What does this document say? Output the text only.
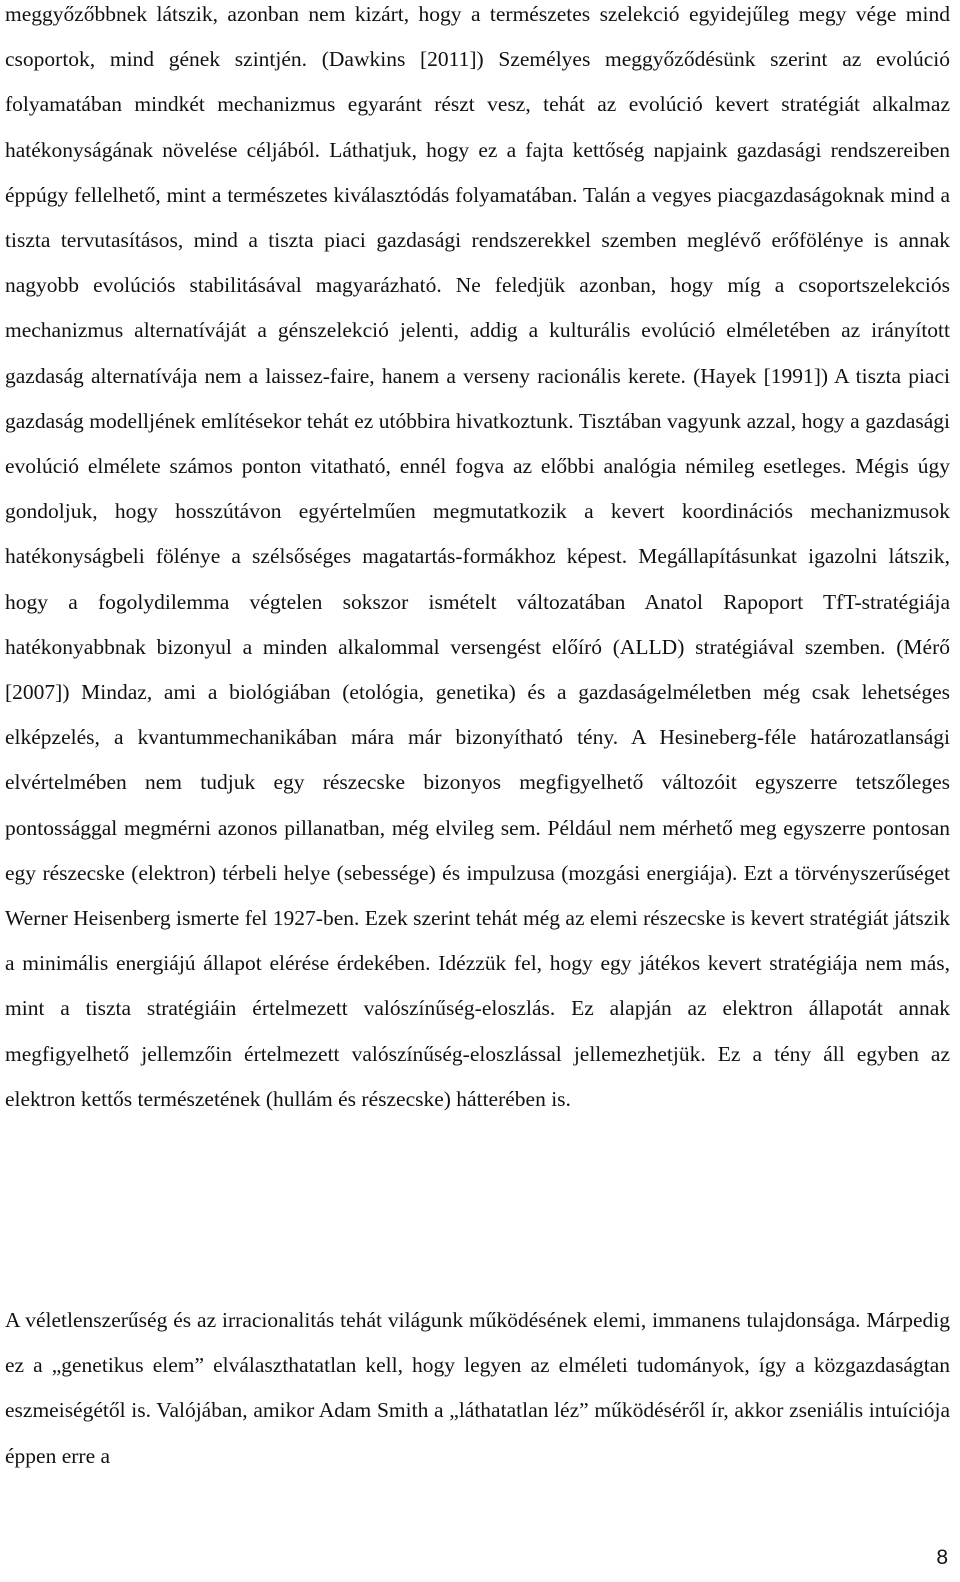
meggyőzőbbnek látszik, azonban nem kizárt, hogy a természetes szelekció egyidejűleg megy vége mind csoportok, mind gének szintjén. (Dawkins [2011]) Személyes meggyőződésünk szerint az evolúció folyamatában mindkét mechanizmus egyaránt részt vesz, tehát az evolúció kevert stratégiát alkalmaz hatékonyságának növelése céljából. Láthatjuk, hogy ez a fajta kettőség napjaink gazdasági rendszereiben éppúgy fellelhető, mint a természetes kiválasztódás folyamatában. Talán a vegyes piacgazdaságoknak mind a tiszta tervutasításos, mind a tiszta piaci gazdasági rendszerekkel szemben meglévő erőfölénye is annak nagyobb evolúciós stabilitásával magyarázható. Ne feledjük azonban, hogy míg a csoportszelekciós mechanizmus alternatíváját a génszelekció jelenti, addig a kulturális evolúció elméletében az irányított gazdaság alternatívája nem a laissez-faire, hanem a verseny racionális kerete. (Hayek [1991]) A tiszta piaci gazdaság modelljének említésekor tehát ez utóbbira hivatkoztunk. Tisztában vagyunk azzal, hogy a gazdasági evolúció elmélete számos ponton vitatható, ennél fogva az előbbi analógia némileg esetleges. Mégis úgy gondoljuk, hogy hosszútávon egyértelműen megmutatkozik a kevert koordinációs mechanizmusok hatékonyságbeli fölénye a szélsőséges magatartás-formákhoz képest. Megállapításunkat igazolni látszik, hogy a fogolydilemma végtelen sokszor ismételt változatában Anatol Rapoport TfT-stratégiája hatékonyabbnak bizonyul a minden alkalommal versengést előíró (ALLD) stratégiával szemben. (Mérő [2007]) Mindaz, ami a biológiában (etológia, genetika) és a gazdaságelméletben még csak lehetséges elképzelés, a kvantummechanikában mára már bizonyítható tény. A Hesineberg-féle határozatlansági elvértelmében nem tudjuk egy részecske bizonyos megfigyelhető változóit egyszerre tetszőleges pontossággal megmérni azonos pillanatban, még elvileg sem. Például nem mérhető meg egyszerre pontosan egy részecske (elektron) térbeli helye (sebessége) és impulzusa (mozgási energiája). Ezt a törvényszerűséget Werner Heisenberg ismerte fel 1927-ben. Ezek szerint tehát még az elemi részecske is kevert stratégiát játszik a minimális energiájú állapot elérése érdekében. Idézzük fel, hogy egy játékos kevert stratégiája nem más, mint a tiszta stratégiáin értelmezett valószínűség-eloszlás. Ez alapján az elektron állapotát annak megfigyelhető jellemzőin értelmezett valószínűség-eloszlással jellemezhetjük. Ez a tény áll egyben az elektron kettős természetének (hullám és részecske) hátterében is.

A véletlenszerűség és az irracionalitás tehát világunk működésének elemi, immanens tulajdonsága. Márpedig ez a „genetikus elem” elválaszthatatlan kell, hogy legyen az elméleti tudományok, így a közgazdaságtan eszmeiségétől is. Valójában, amikor Adam Smith a „láthatatlan léz” működéséről ír, akkor zseniális intuíciója éppen erre a

8
